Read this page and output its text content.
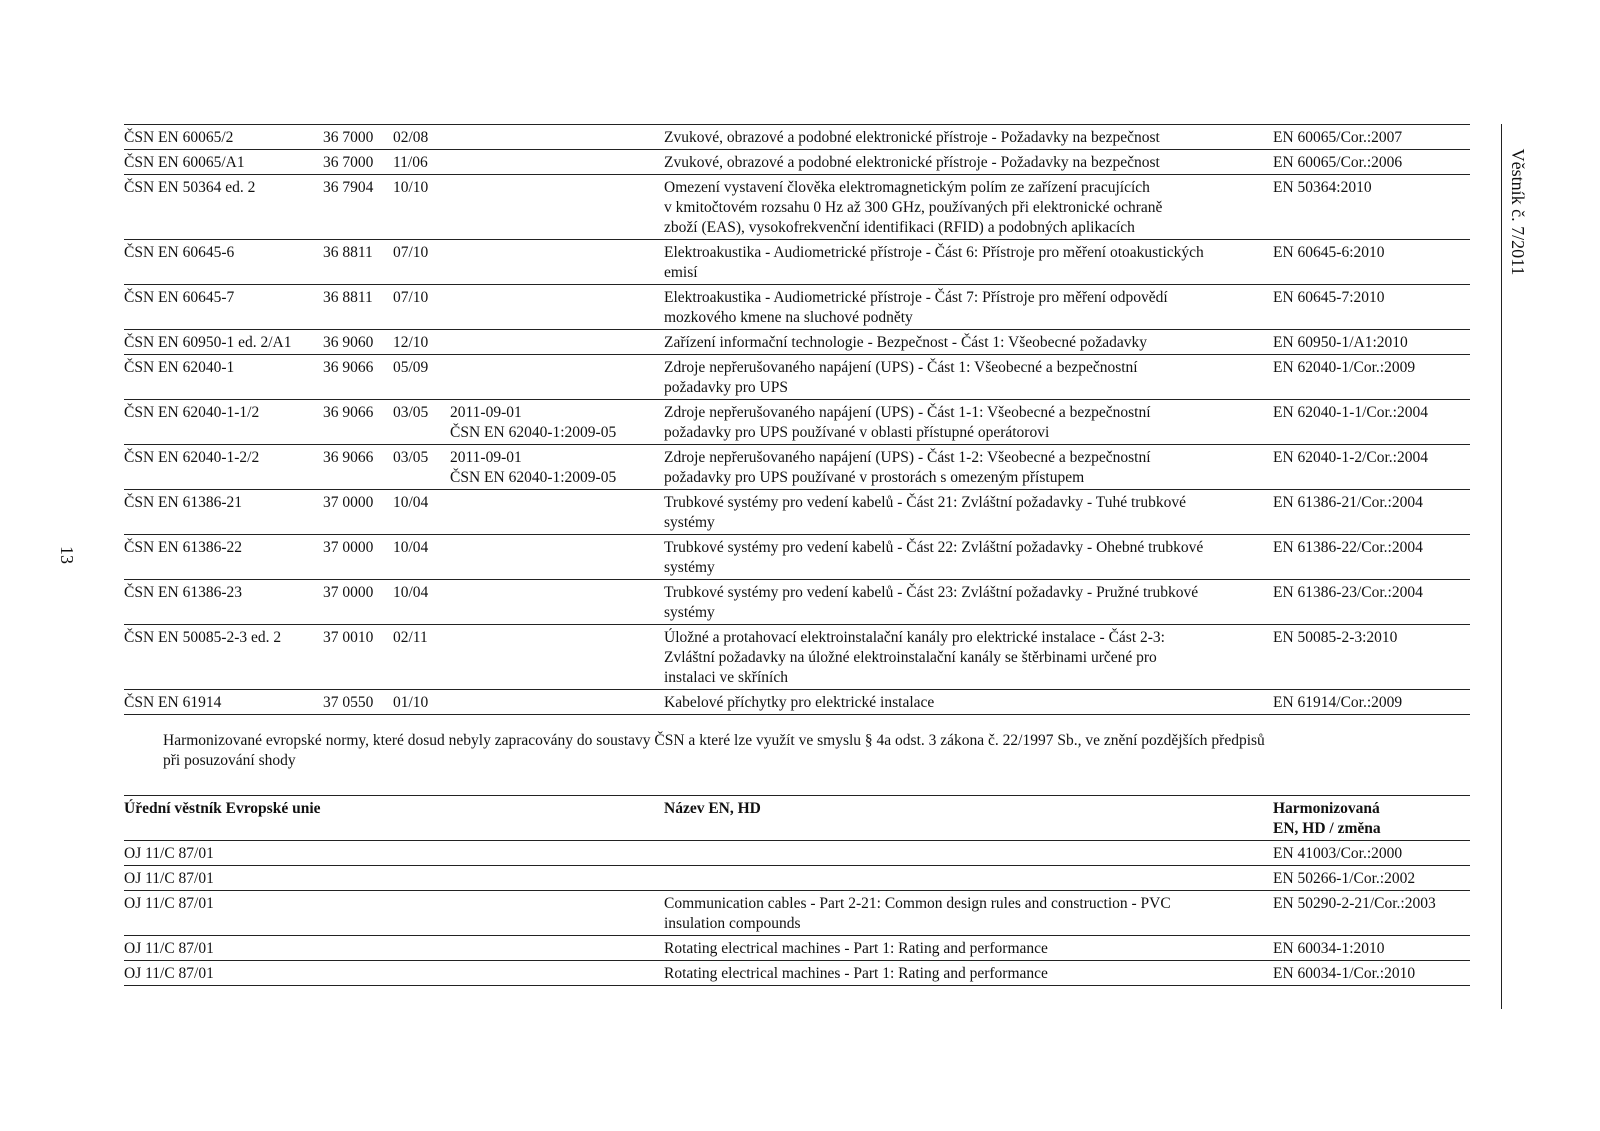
13
Věstník č. 7/2011
ČSN EN 60065/2	36 7000	02/08		Zvukové, obrazové a podobné elektronické přístroje - Požadavky na bezpečnost	EN 60065/Cor.:2007
ČSN EN 60065/A1	36 7000	11/06		Zvukové, obrazové a podobné elektronické přístroje - Požadavky na bezpečnost	EN 60065/Cor.:2006
ČSN EN 50364 ed. 2	36 7904	10/10		Omezení vystavení člověka elektromagnetickým polím ze zařízení pracujících
v kmitočtovém rozsahu 0 Hz až 300 GHz, používaných při elektronické ochraně
zboží (EAS), vysokofrekvenční identifikaci (RFID) a podobných aplikacích	EN 50364:2010
ČSN EN 60645-6	36 8811	07/10		Elektroakustika - Audiometrické přístroje - Část 6: Přístroje pro měření otoakustických
emisí	EN 60645-6:2010
ČSN EN 60645-7	36 8811	07/10		Elektroakustika - Audiometrické přístroje - Část 7: Přístroje pro měření odpovědí
mozkového kmene na sluchové podněty	EN 60645-7:2010
ČSN EN 60950-1 ed. 2/A1	36 9060	12/10		Zařízení informační technologie - Bezpečnost - Část 1: Všeobecné požadavky	EN 60950-1/A1:2010
ČSN EN 62040-1	36 9066	05/09		Zdroje nepřerušovaného napájení (UPS) - Část 1: Všeobecné a bezpečnostní
požadavky pro UPS	EN 62040-1/Cor.:2009
ČSN EN 62040-1-1/2	36 9066	03/05	2011-09-01
ČSN EN 62040-1:2009-05	Zdroje nepřerušovaného napájení (UPS) - Část 1-1: Všeobecné a bezpečnostní
požadavky pro UPS používané v oblasti přístupné operátorovi	EN 62040-1-1/Cor.:2004
ČSN EN 62040-1-2/2	36 9066	03/05	2011-09-01
ČSN EN 62040-1:2009-05	Zdroje nepřerušovaného napájení (UPS) - Část 1-2: Všeobecné a bezpečnostní
požadavky pro UPS používané v prostorách s omezeným přístupem	EN 62040-1-2/Cor.:2004
ČSN EN 61386-21	37 0000	10/04		Trubkové systémy pro vedení kabelů - Část 21: Zvláštní požadavky - Tuhé trubkové
systémy	EN 61386-21/Cor.:2004
ČSN EN 61386-22	37 0000	10/04		Trubkové systémy pro vedení kabelů - Část 22: Zvláštní požadavky - Ohebné trubkové
systémy	EN 61386-22/Cor.:2004
ČSN EN 61386-23	37 0000	10/04		Trubkové systémy pro vedení kabelů - Část 23: Zvláštní požadavky - Pružné trubkové
systémy	EN 61386-23/Cor.:2004
ČSN EN 50085-2-3 ed. 2	37 0010	02/11		Úložné a protahovací elektroinstalační kanály pro elektrické instalace - Část 2-3:
Zvláštní požadavky na úložné elektroinstalační kanály se štěrbinami určené pro
instalaci ve skříních	EN 50085-2-3:2010
ČSN EN 61914	37 0550	01/10		Kabelové příchytky pro elektrické instalace	EN 61914/Cor.:2009
Harmonizované evropské normy, které dosud nebyly zapracovány do soustavy ČSN a které lze využít ve smyslu § 4a odst. 3 zákona č. 22/1997 Sb., ve znění pozdějších předpisů
při posuzování shody
Úřední věstník Evropské unie	Název EN, HD	Harmonizovaná
EN, HD / změna

OJ 11/C 87/01		EN 41003/Cor.:2000
OJ 11/C 87/01		EN 50266-1/Cor.:2002
OJ 11/C 87/01	Communication cables - Part 2-21: Common design rules and construction - PVC
insulation compounds	EN 50290-2-21/Cor.:2003
OJ 11/C 87/01	Rotating electrical machines - Part 1: Rating and performance	EN 60034-1:2010
OJ 11/C 87/01	Rotating electrical machines - Part 1: Rating and performance	EN 60034-1/Cor.:2010
